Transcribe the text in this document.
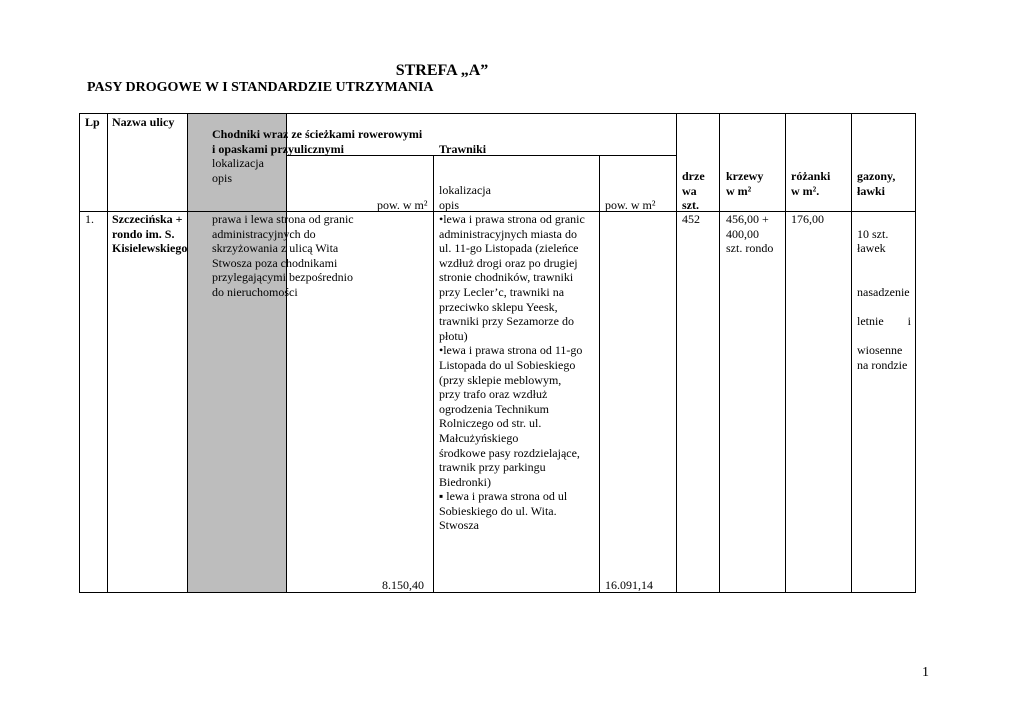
STREFA „A”
PASY DROGOWE W I STANDARDZIE UTRZYMANIA
Lp Nazwa ulicy
Chodniki wraz ze ścieżkami rowerowymi
i opaskami przyulicznymi
lokalizacja
opis
pow. w m²
Trawniki
lokalizacja
opis	pow. w m²
drze
wa
szt.
krzewy
w m²
różanki
w m².
gazony,
ławki
1. Szczecińska +
rondo im. S.
Kisielewskiego
prawa i lewa strona od granic
administracyjnych do
skrzyżowania z ulicą Wita
Stwosza poza chodnikami
przylegającymi bezpośrednio
do nieruchomości
8.150,40
•lewa i prawa strona od granic
administracyjnych miasta do
ul. 11-go Listopada (zieleńce
wzdłuż drogi oraz po drugiej
stronie chodników, trawniki
przy Lecler’c, trawniki na
przeciwko sklepu Yeesk,
trawniki przy Sezamorze do
płotu)
•lewa i prawa strona od 11-go
Listopada do ul Sobieskiego
(przy sklepie meblowym,
przy trafo oraz wzdłuż
ogrodzenia Technikum
Rolniczego od str. ul.
Małcużyńskiego
środkowe pasy rozdzielające,
trawnik przy parkingu
Biedronki)
▪ lewa i prawa strona od ul
Sobieskiego do ul. Wita.
Stwosza
16.091,14
452 456,00 +
400,00
szt. rondo
176,00

10 szt.
ławek

nasadzenie

letnie i

wiosenne
na rondzie

1
